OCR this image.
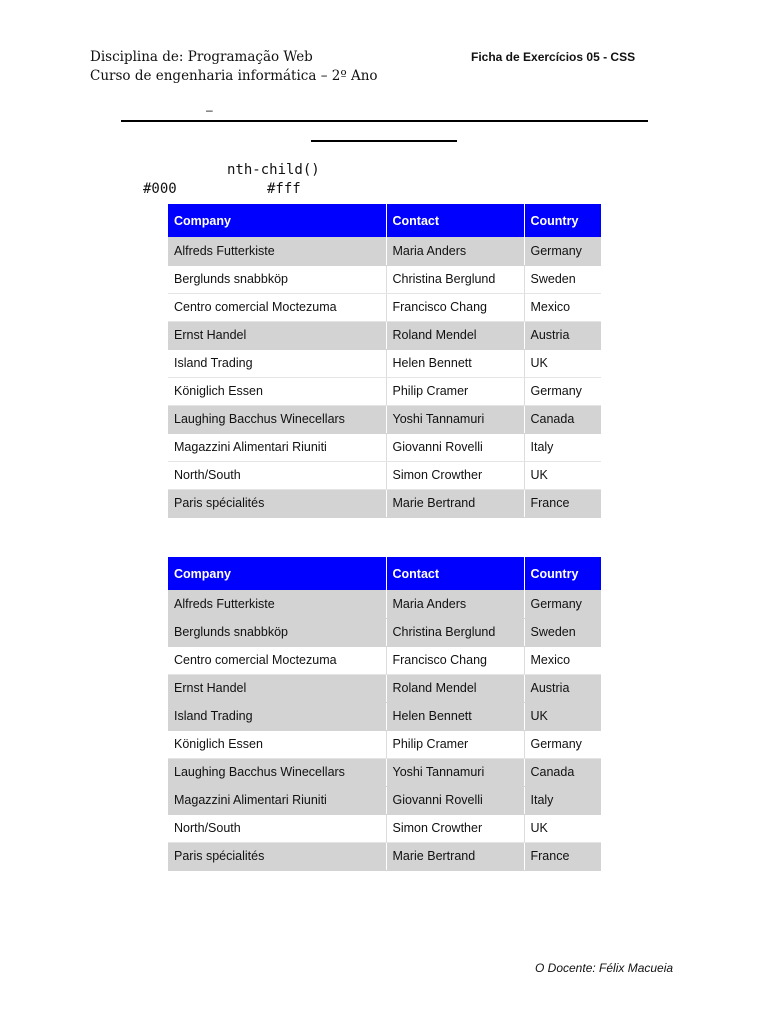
Disciplina de: Programação Web
Curso de engenharia informática – 2º Ano
Ficha de Exercícios 05 - CSS
–
nth-child()
#000	#fff
Company	Contact	Country
Alfreds Futterkiste	Maria Anders	Germany
Berglunds snabbköp	Christina Berglund	Sweden
Centro comercial Moctezuma	Francisco Chang	Mexico
Ernst Handel	Roland Mendel	Austria
Island Trading	Helen Bennett	UK
Königlich Essen	Philip Cramer	Germany
Laughing Bacchus Winecellars	Yoshi Tannamuri	Canada
Magazzini Alimentari Riuniti	Giovanni Rovelli	Italy
North/South	Simon Crowther	UK
Paris spécialités	Marie Bertrand	France
Company	Contact	Country
Alfreds Futterkiste	Maria Anders	Germany
Berglunds snabbköp	Christina Berglund	Sweden
Centro comercial Moctezuma	Francisco Chang	Mexico
Ernst Handel	Roland Mendel	Austria
Island Trading	Helen Bennett	UK
Königlich Essen	Philip Cramer	Germany
Laughing Bacchus Winecellars	Yoshi Tannamuri	Canada
Magazzini Alimentari Riuniti	Giovanni Rovelli	Italy
North/South	Simon Crowther	UK
Paris spécialités	Marie Bertrand	France
O Docente: Félix Macueia
